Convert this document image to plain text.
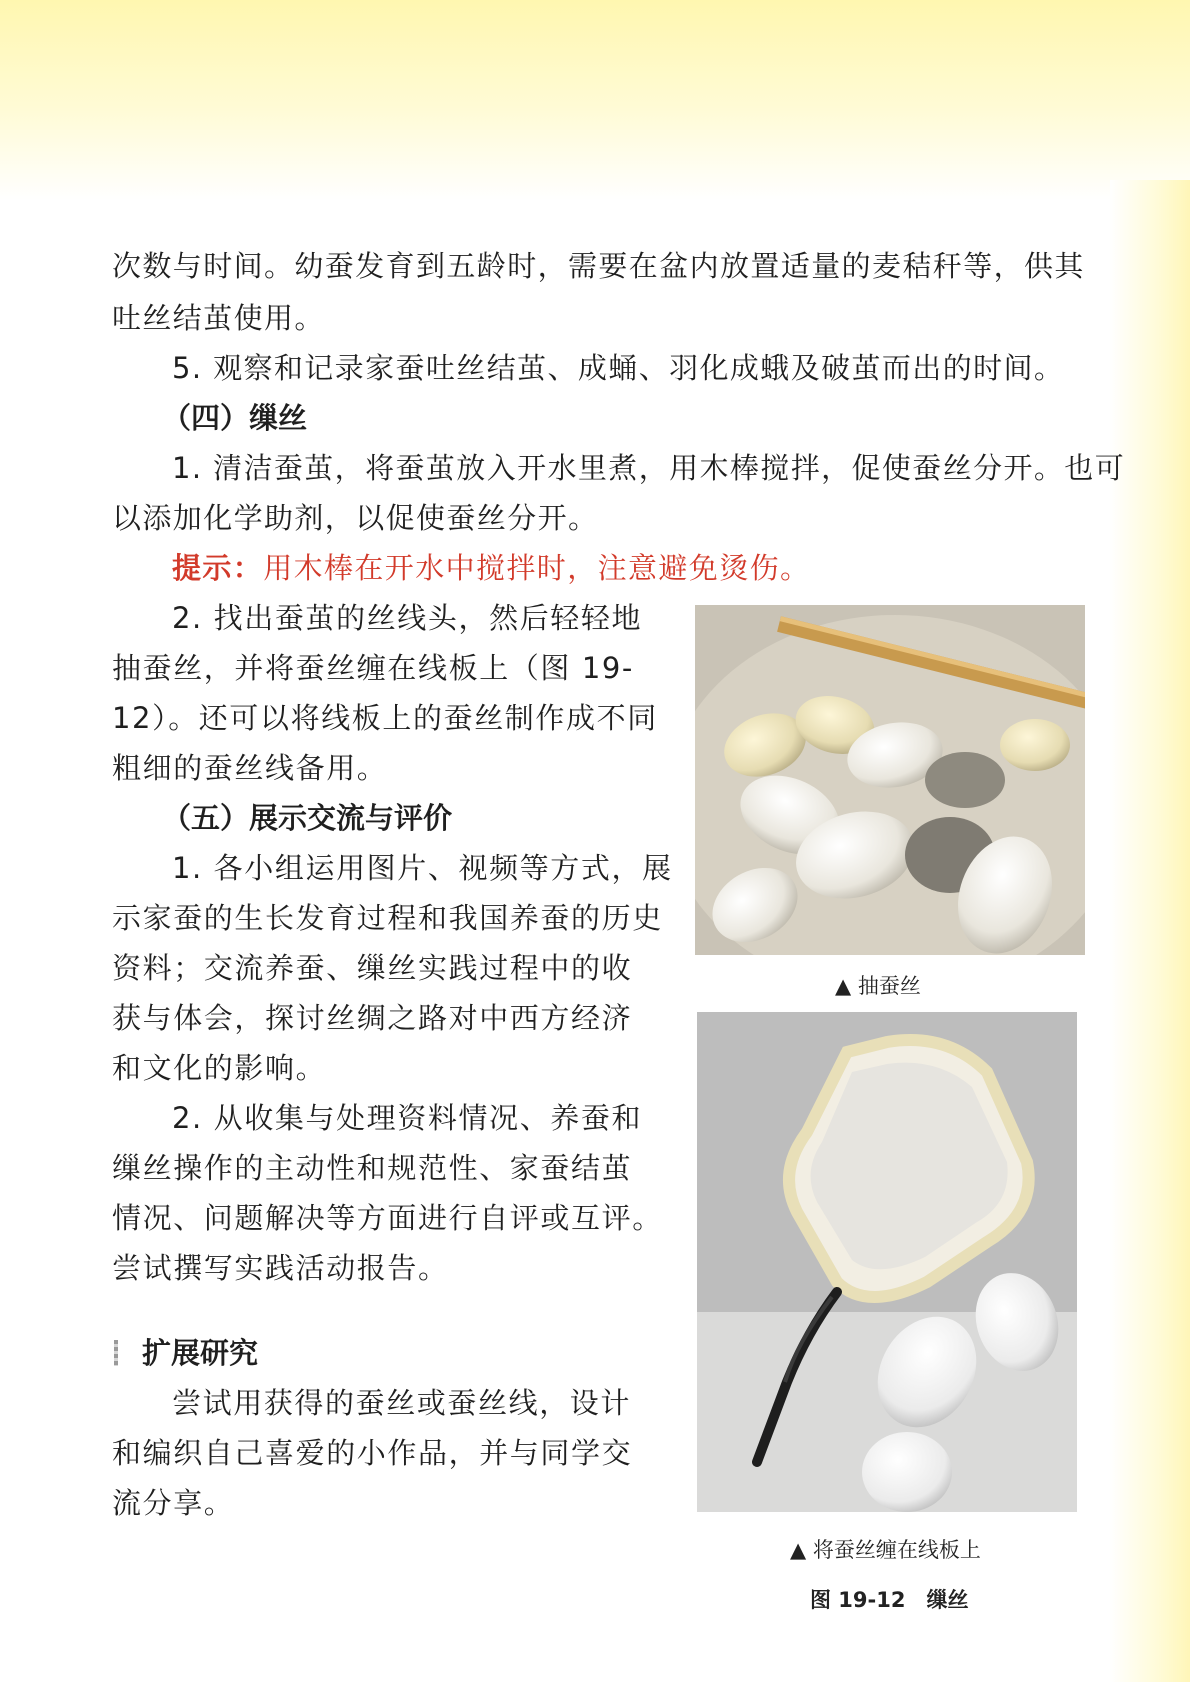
次数与时间。幼蚕发育到五龄时，需要在盆内放置适量的麦秸秆等，供其
吐丝结茧使用。
5. 观察和记录家蚕吐丝结茧、成蛹、羽化成蛾及破茧而出的时间。
（四）缫丝
1. 清洁蚕茧，将蚕茧放入开水里煮，用木棒搅拌，促使蚕丝分开。也可
以添加化学助剂，以促使蚕丝分开。
提示：用木棒在开水中搅拌时，注意避免烫伤。
2. 找出蚕茧的丝线头，然后轻轻地
抽蚕丝，并将蚕丝缠在线板上（图 19-
12）。还可以将线板上的蚕丝制作成不同
粗细的蚕丝线备用。
（五）展示交流与评价
1. 各小组运用图片、视频等方式，展
示家蚕的生长发育过程和我国养蚕的历史
资料；交流养蚕、缫丝实践过程中的收
获与体会，探讨丝绸之路对中西方经济
和文化的影响。
2. 从收集与处理资料情况、养蚕和
缫丝操作的主动性和规范性、家蚕结茧
情况、问题解决等方面进行自评或互评。
尝试撰写实践活动报告。
扩展研究
尝试用获得的蚕丝或蚕丝线，设计
和编织自己喜爱的小作品，并与同学交
流分享。
▲ 抽蚕丝
▲ 将蚕丝缠在线板上
图 19-12　缫丝
